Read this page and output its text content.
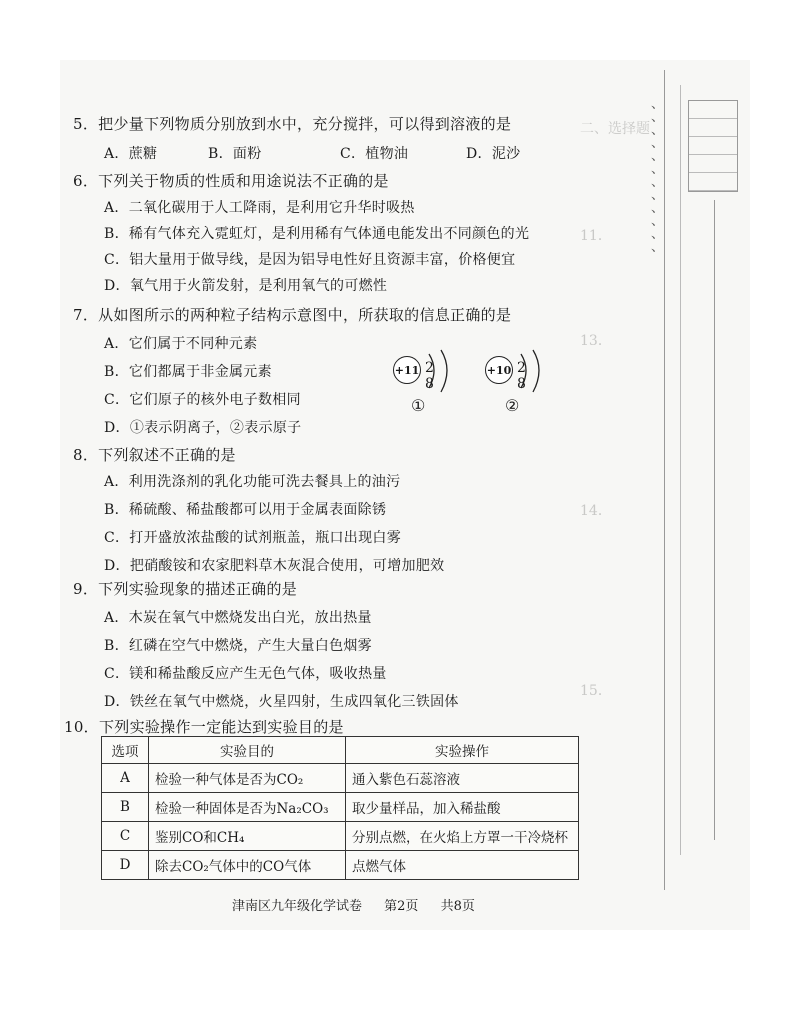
二、选择题
11．
13．
14．
15．
5．把少量下列物质分别放到水中，充分搅拌，可以得到溶液的是
A．蔗糖	B．面粉	C．植物油	D．泥沙
6．下列关于物质的性质和用途说法不正确的是
A．二氧化碳用于人工降雨，是利用它升华时吸热
B．稀有气体充入霓虹灯，是利用稀有气体通电能发出不同颜色的光
C．铝大量用于做导线，是因为铝导电性好且资源丰富，价格便宜
D．氧气用于火箭发射，是利用氧气的可燃性
7．从如图所示的两种粒子结构示意图中，所获取的信息正确的是
A．它们属于不同种元素
B．它们都属于非金属元素
C．它们原子的核外电子数相同
D．①表示阴离子，②表示原子
+11 2 8
①
+10 2 8
②
8．下列叙述不正确的是
A．利用洗涤剂的乳化功能可洗去餐具上的油污
B．稀硫酸、稀盐酸都可以用于金属表面除锈
C．打开盛放浓盐酸的试剂瓶盖，瓶口出现白雾
D．把硝酸铵和农家肥料草木灰混合使用，可增加肥效
9．下列实验现象的描述正确的是
A．木炭在氧气中燃烧发出白光，放出热量
B．红磷在空气中燃烧，产生大量白色烟雾
C．镁和稀盐酸反应产生无色气体，吸收热量
D．铁丝在氧气中燃烧，火星四射，生成四氧化三铁固体
10．下列实验操作一定能达到实验目的是
选项	实验目的	实验操作
A	检验一种气体是否为CO₂	通入紫色石蕊溶液
B	检验一种固体是否为Na₂CO₃	取少量样品，加入稀盐酸
C	鉴别CO和CH₄	分别点燃，在火焰上方罩一干冷烧杯
D	除去CO₂气体中的CO气体	点燃气体
津南区九年级化学试卷 第2页 共8页
、
、
、
、
、
、
、
、
、
、
、
、
